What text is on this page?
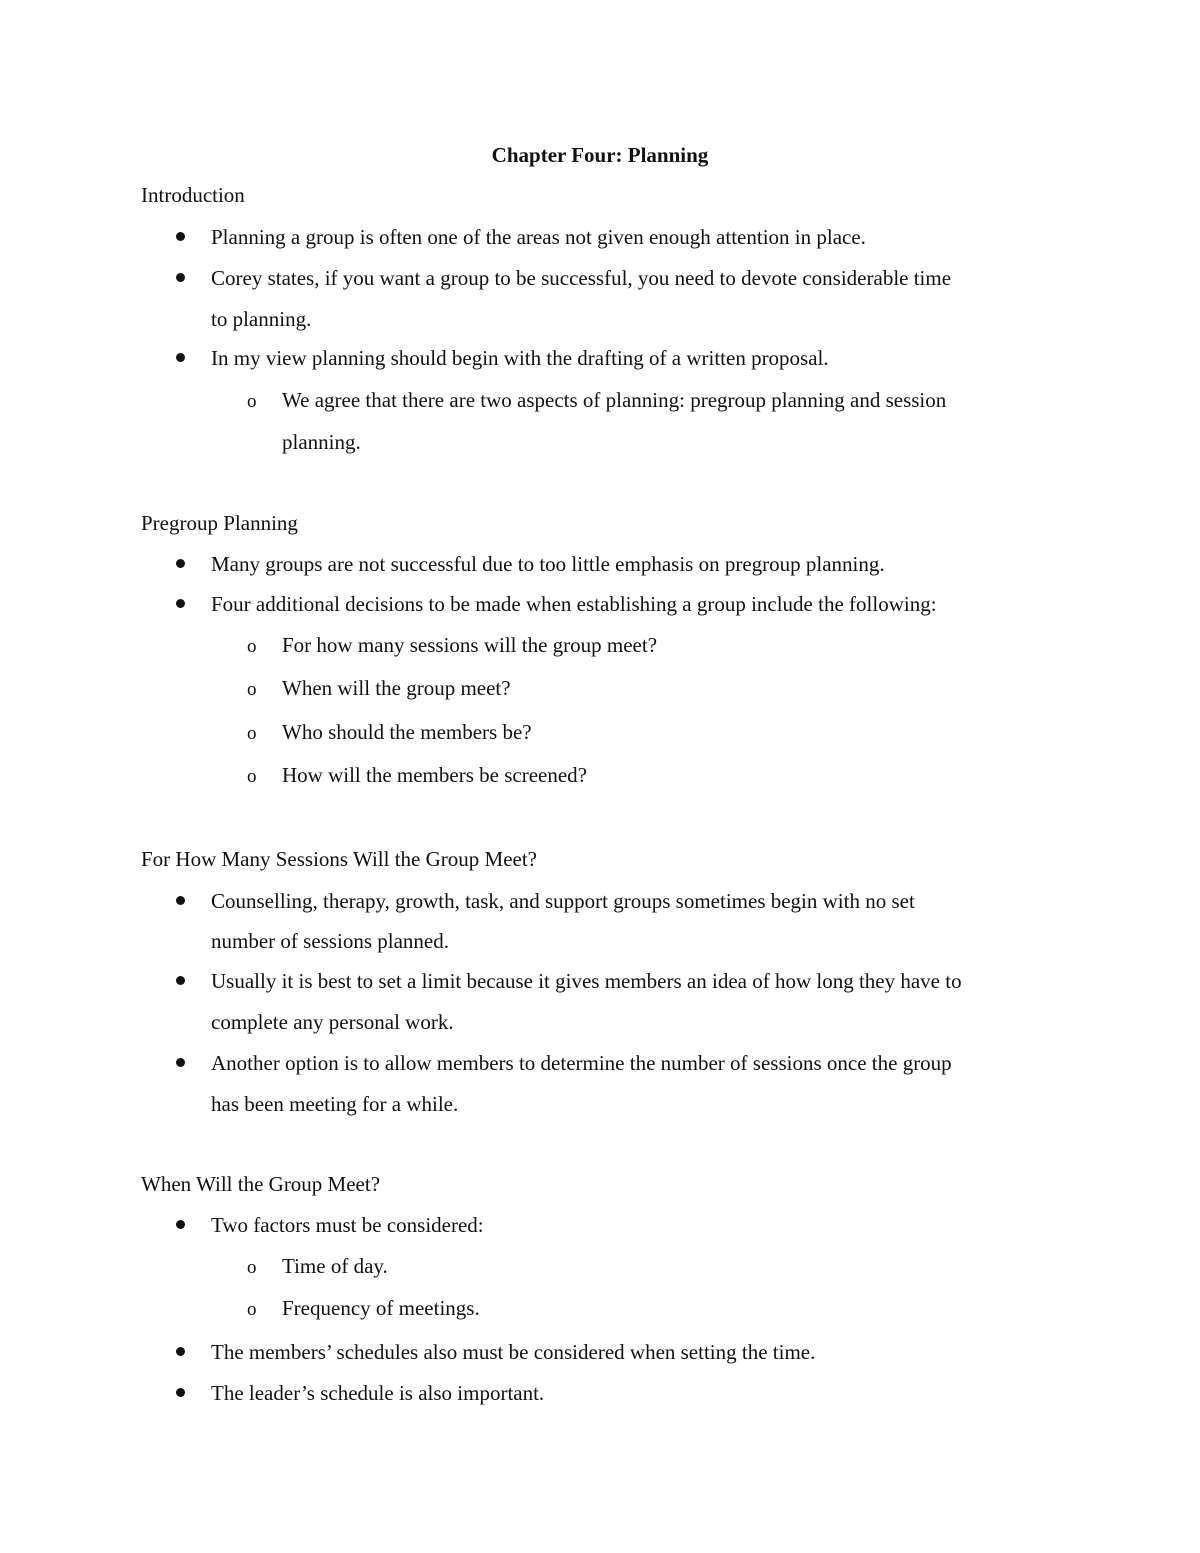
Chapter Four: Planning
Introduction
Planning a group is often one of the areas not given enough attention in place.
Corey states, if you want a group to be successful, you need to devote considerable time
to planning.
In my view planning should begin with the drafting of a written proposal.
o We agree that there are two aspects of planning: pregroup planning and session
planning.
Pregroup Planning
Many groups are not successful due to too little emphasis on pregroup planning.
Four additional decisions to be made when establishing a group include the following:
o For how many sessions will the group meet?
o When will the group meet?
o Who should the members be?
o How will the members be screened?
For How Many Sessions Will the Group Meet?
Counselling, therapy, growth, task, and support groups sometimes begin with no set
number of sessions planned.
Usually it is best to set a limit because it gives members an idea of how long they have to
complete any personal work.
Another option is to allow members to determine the number of sessions once the group
has been meeting for a while.
When Will the Group Meet?
Two factors must be considered:
o Time of day.
o Frequency of meetings.
The members’ schedules also must be considered when setting the time.
The leader’s schedule is also important.
